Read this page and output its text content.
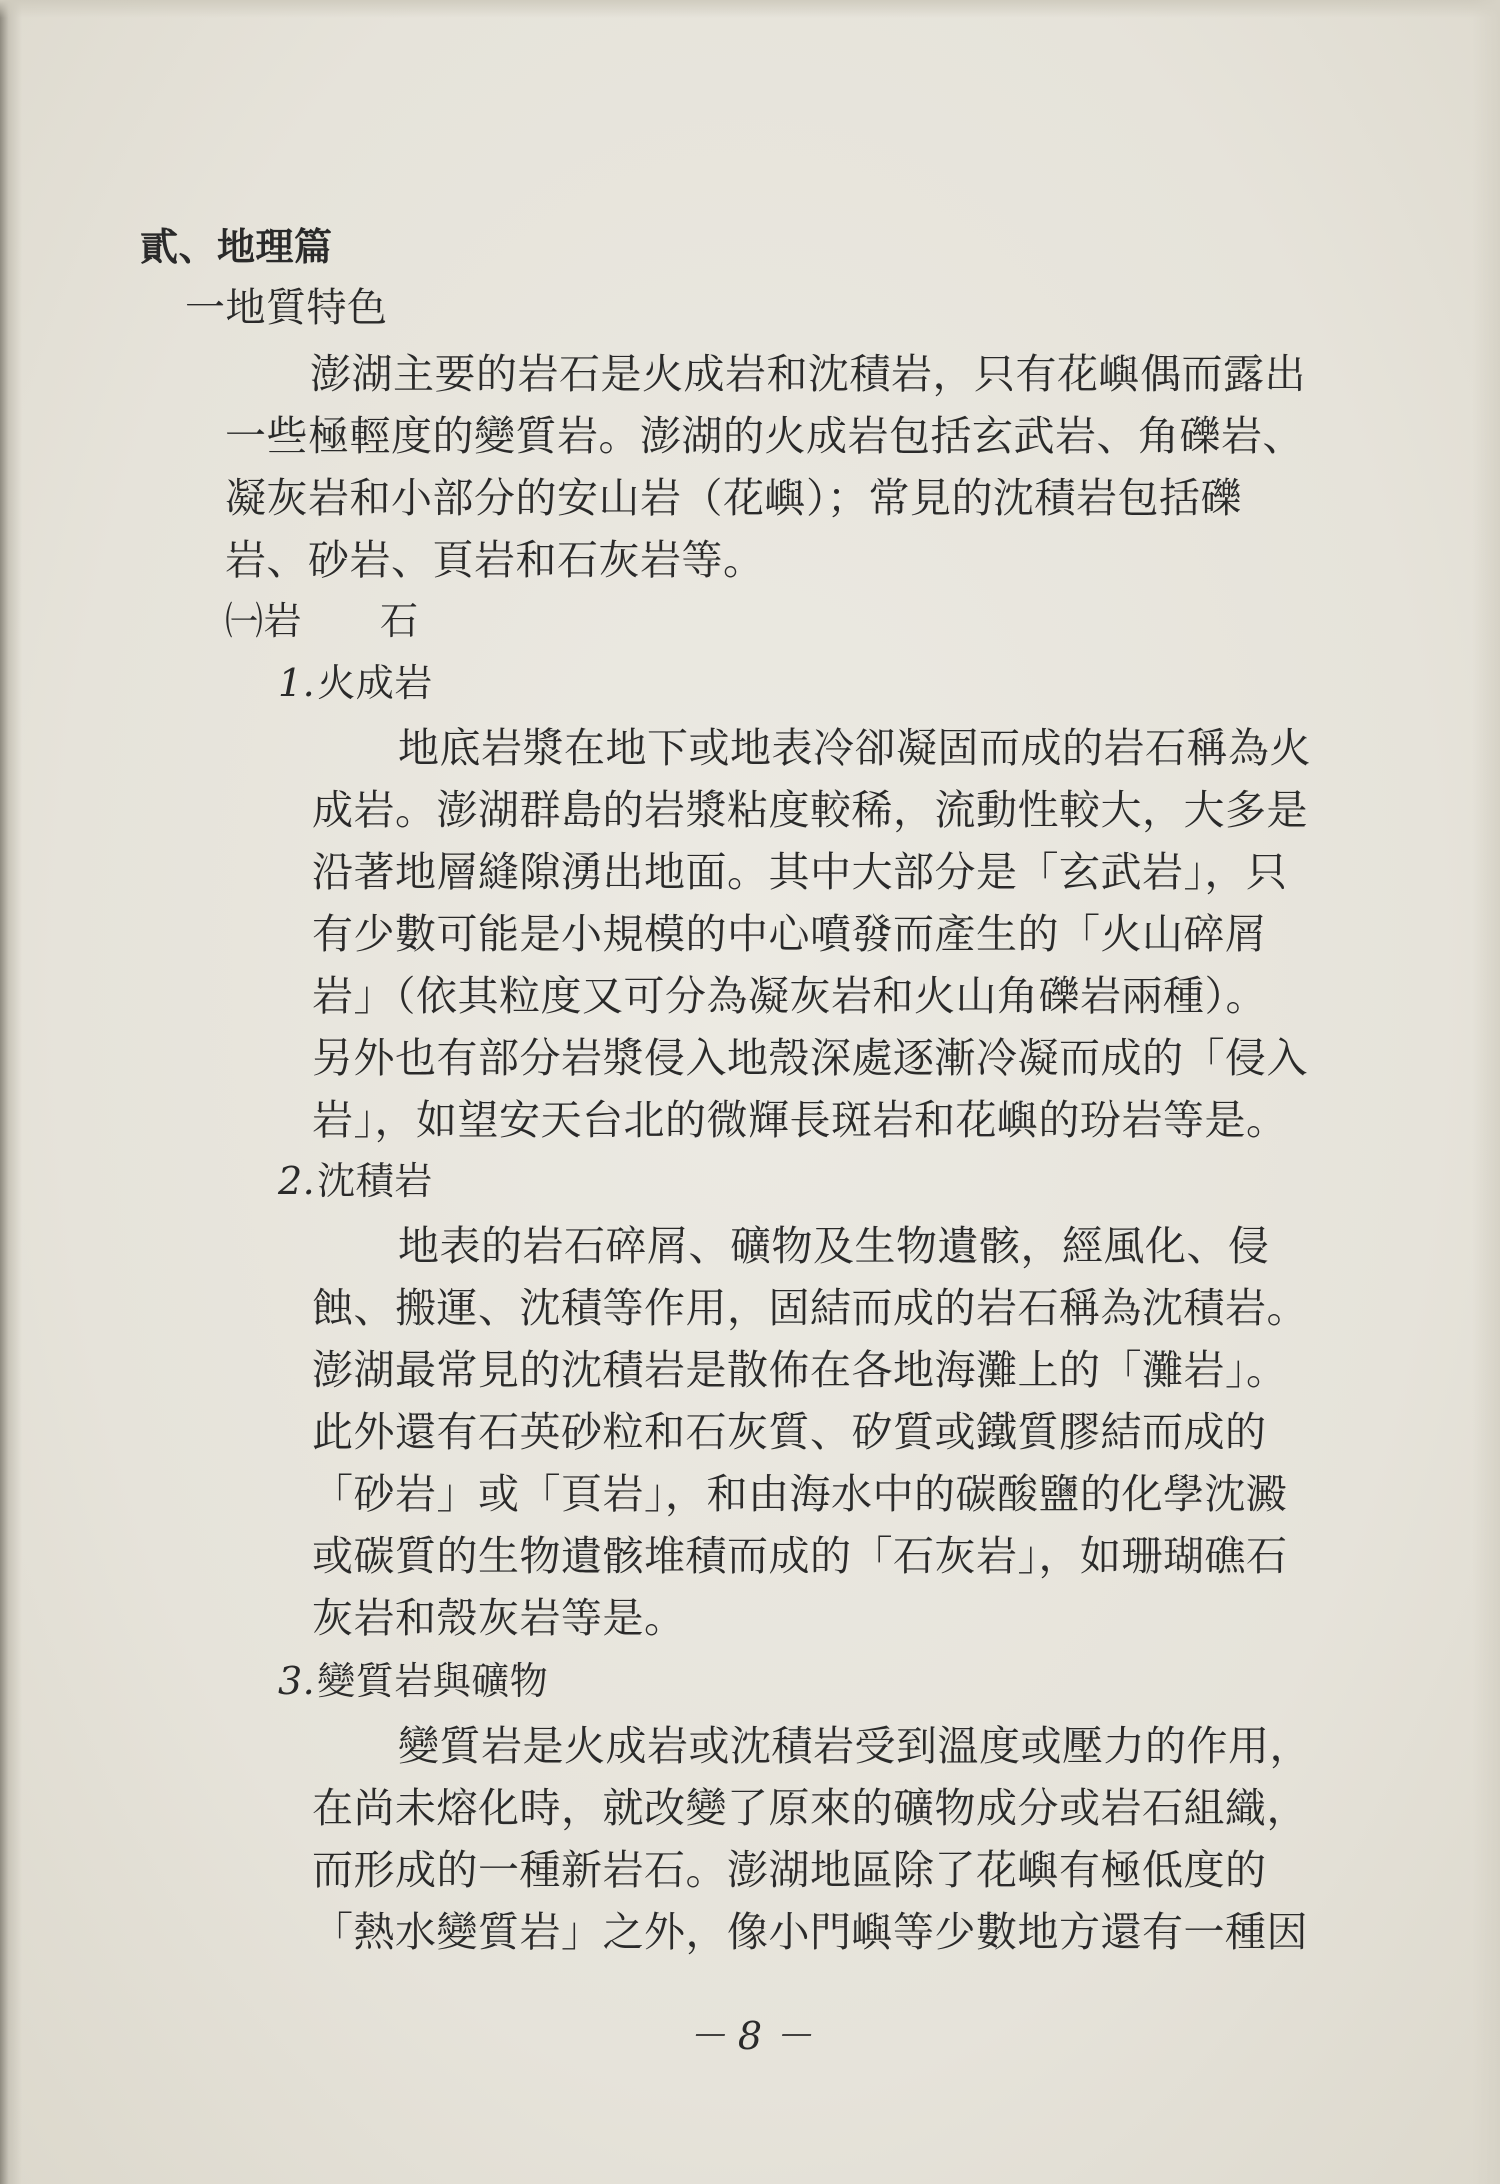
貳、地理篇
一地質特色
澎湖主要的岩石是火成岩和沈積岩，只有花嶼偶而露出
一些極輕度的變質岩。澎湖的火成岩包括玄武岩、角礫岩、
凝灰岩和小部分的安山岩（花嶼）；常見的沈積岩包括礫
岩、砂岩、頁岩和石灰岩等。
㈠岩 石
1.火成岩
地底岩漿在地下或地表冷卻凝固而成的岩石稱為火
成岩。澎湖群島的岩漿粘度較稀，流動性較大，大多是
沿著地層縫隙湧出地面。其中大部分是「玄武岩」，只
有少數可能是小規模的中心噴發而產生的「火山碎屑
岩」（依其粒度又可分為凝灰岩和火山角礫岩兩種）。
另外也有部分岩漿侵入地殼深處逐漸冷凝而成的「侵入
岩」，如望安天台北的微輝長斑岩和花嶼的玢岩等是。
2.沈積岩
地表的岩石碎屑、礦物及生物遺骸，經風化、侵
蝕、搬運、沈積等作用，固結而成的岩石稱為沈積岩。
澎湖最常見的沈積岩是散佈在各地海灘上的「灘岩」。
此外還有石英砂粒和石灰質、矽質或鐵質膠結而成的
「砂岩」或「頁岩」，和由海水中的碳酸鹽的化學沈澱
或碳質的生物遺骸堆積而成的「石灰岩」，如珊瑚礁石
灰岩和殼灰岩等是。
3.變質岩與礦物
變質岩是火成岩或沈積岩受到溫度或壓力的作用，
在尚未熔化時，就改變了原來的礦物成分或岩石組織，
而形成的一種新岩石。澎湖地區除了花嶼有極低度的
「熱水變質岩」之外，像小門嶼等少數地方還有一種因
－ 8 －
